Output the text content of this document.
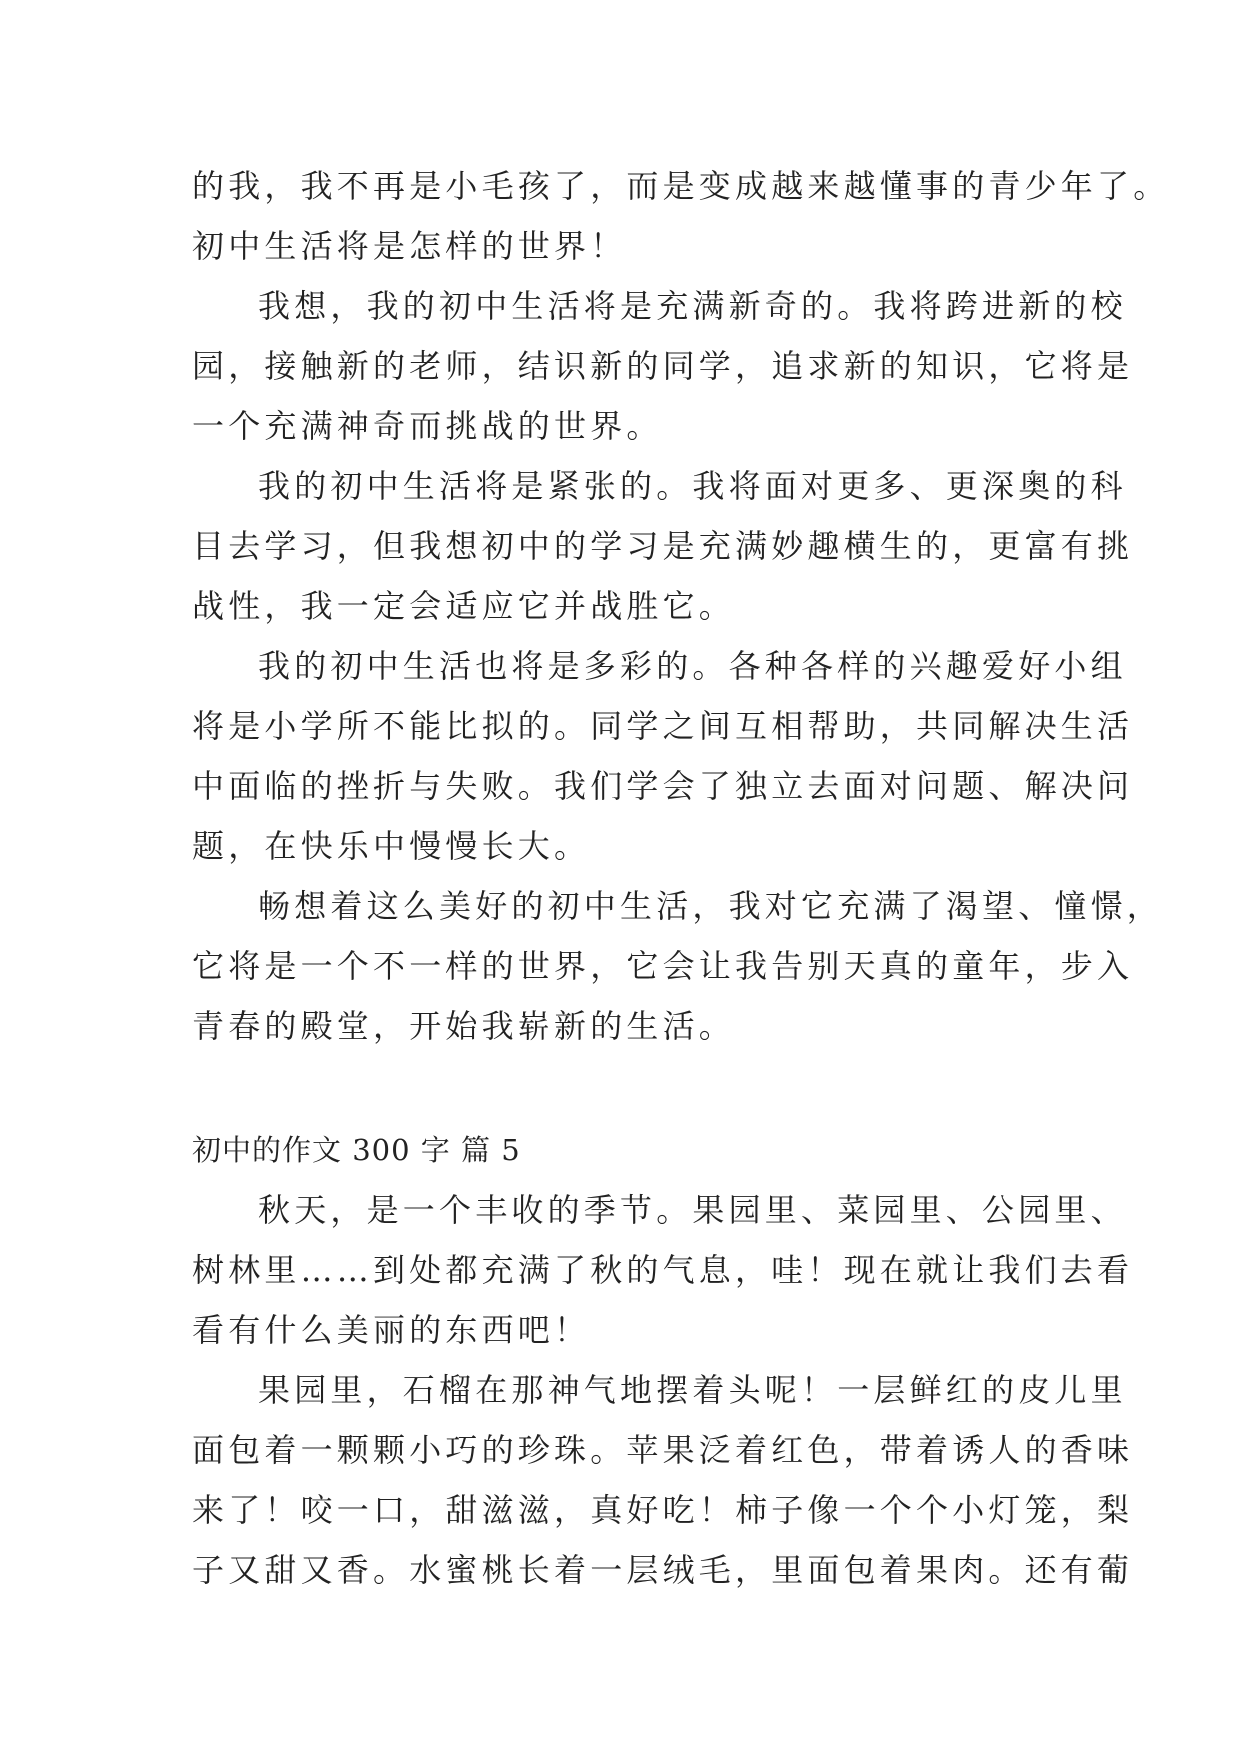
的我，我不再是小毛孩了，而是变成越来越懂事的青少年了。
初中生活将是怎样的世界！
我想，我的初中生活将是充满新奇的。我将跨进新的校
园，接触新的老师，结识新的同学，追求新的知识，它将是
一个充满神奇而挑战的世界。
我的初中生活将是紧张的。我将面对更多、更深奥的科
目去学习，但我想初中的学习是充满妙趣横生的，更富有挑
战性，我一定会适应它并战胜它。
我的初中生活也将是多彩的。各种各样的兴趣爱好小组
将是小学所不能比拟的。同学之间互相帮助，共同解决生活
中面临的挫折与失败。我们学会了独立去面对问题、解决问
题，在快乐中慢慢长大。
畅想着这么美好的初中生活，我对它充满了渴望、憧憬，
它将是一个不一样的世界，它会让我告别天真的童年，步入
青春的殿堂，开始我崭新的生活。
初中的作文 300 字 篇 5
秋天，是一个丰收的季节。果园里、菜园里、公园里、
树林里……到处都充满了秋的气息，哇！现在就让我们去看
看有什么美丽的东西吧！
果园里，石榴在那神气地摆着头呢！一层鲜红的皮儿里
面包着一颗颗小巧的珍珠。苹果泛着红色，带着诱人的香味
来了！咬一口，甜滋滋，真好吃！柿子像一个个小灯笼，梨
子又甜又香。水蜜桃长着一层绒毛，里面包着果肉。还有葡
